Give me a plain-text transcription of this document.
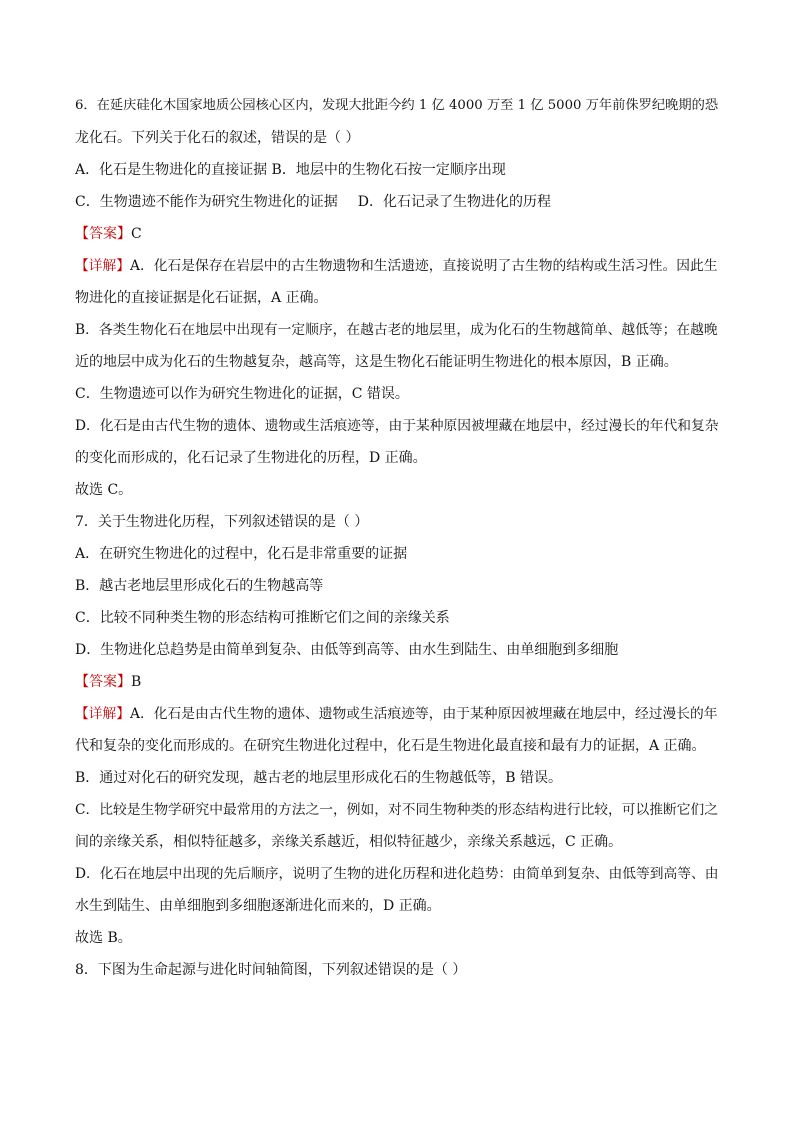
6．在延庆硅化木国家地质公园核心区内，发现大批距今约 1 亿 4000 万至 1 亿 5000 万年前侏罗纪晚期的恐
龙化石。下列关于化石的叙述，错误的是（ ）
A．化石是生物进化的直接证据 B．地层中的生物化石按一定顺序出现
C．生物遗迹不能作为研究生物进化的证据 D．化石记录了生物进化的历程
【答案】C
【详解】A．化石是保存在岩层中的古生物遗物和生活遗迹，直接说明了古生物的结构或生活习性。因此生
物进化的直接证据是化石证据，A 正确。
B．各类生物化石在地层中出现有一定顺序，在越古老的地层里，成为化石的生物越简单、越低等；在越晚
近的地层中成为化石的生物越复杂，越高等，这是生物化石能证明生物进化的根本原因，B 正确。
C．生物遗迹可以作为研究生物进化的证据，C 错误。
D．化石是由古代生物的遗体、遗物或生活痕迹等，由于某种原因被埋藏在地层中，经过漫长的年代和复杂
的变化而形成的，化石记录了生物进化的历程，D 正确。
故选 C。
7．关于生物进化历程，下列叙述错误的是（ ）
A．在研究生物进化的过程中，化石是非常重要的证据
B．越古老地层里形成化石的生物越高等
C．比较不同种类生物的形态结构可推断它们之间的亲缘关系
D．生物进化总趋势是由简单到复杂、由低等到高等、由水生到陆生、由单细胞到多细胞
【答案】B
【详解】A．化石是由古代生物的遗体、遗物或生活痕迹等，由于某种原因被埋藏在地层中，经过漫长的年
代和复杂的变化而形成的。在研究生物进化过程中，化石是生物进化最直接和最有力的证据，A 正确。
B．通过对化石的研究发现，越古老的地层里形成化石的生物越低等，B 错误。
C．比较是生物学研究中最常用的方法之一，例如，对不同生物种类的形态结构进行比较，可以推断它们之
间的亲缘关系，相似特征越多，亲缘关系越近，相似特征越少，亲缘关系越远，C 正确。
D．化石在地层中出现的先后顺序，说明了生物的进化历程和进化趋势：由简单到复杂、由低等到高等、由
水生到陆生、由单细胞到多细胞逐渐进化而来的，D 正确。
故选 B。
8．下图为生命起源与进化时间轴简图，下列叙述错误的是（ ）
